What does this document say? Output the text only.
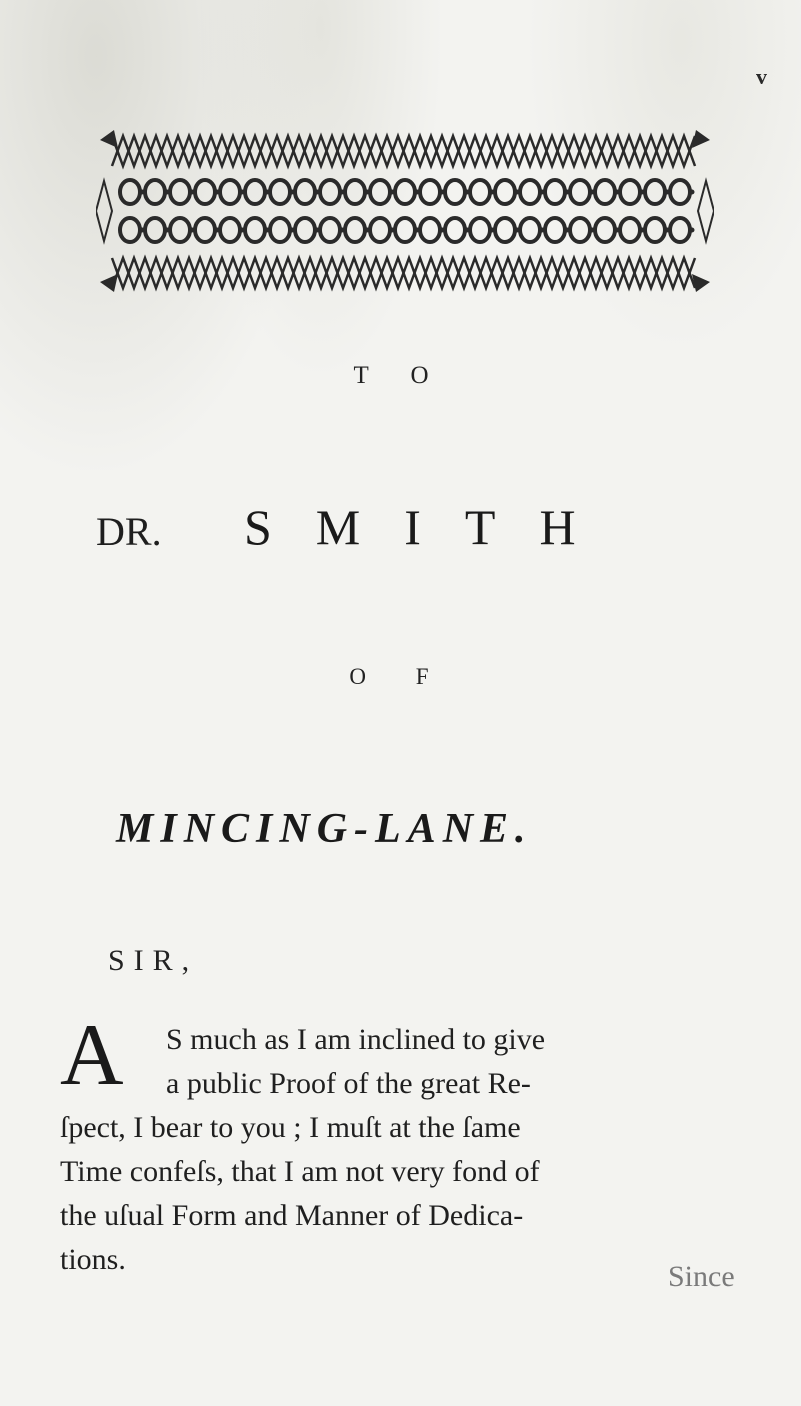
v
T O
DR. SMITH
O F
MINCING-LANE.
SIR,
A	S much as I am inclined to give
a public Proof of the great Re-
ſpect, I bear to you ; I muſt at the ſame
Time confeſs, that I am not very fond of
the uſual Form and Manner of Dedica-
tions.
Since
